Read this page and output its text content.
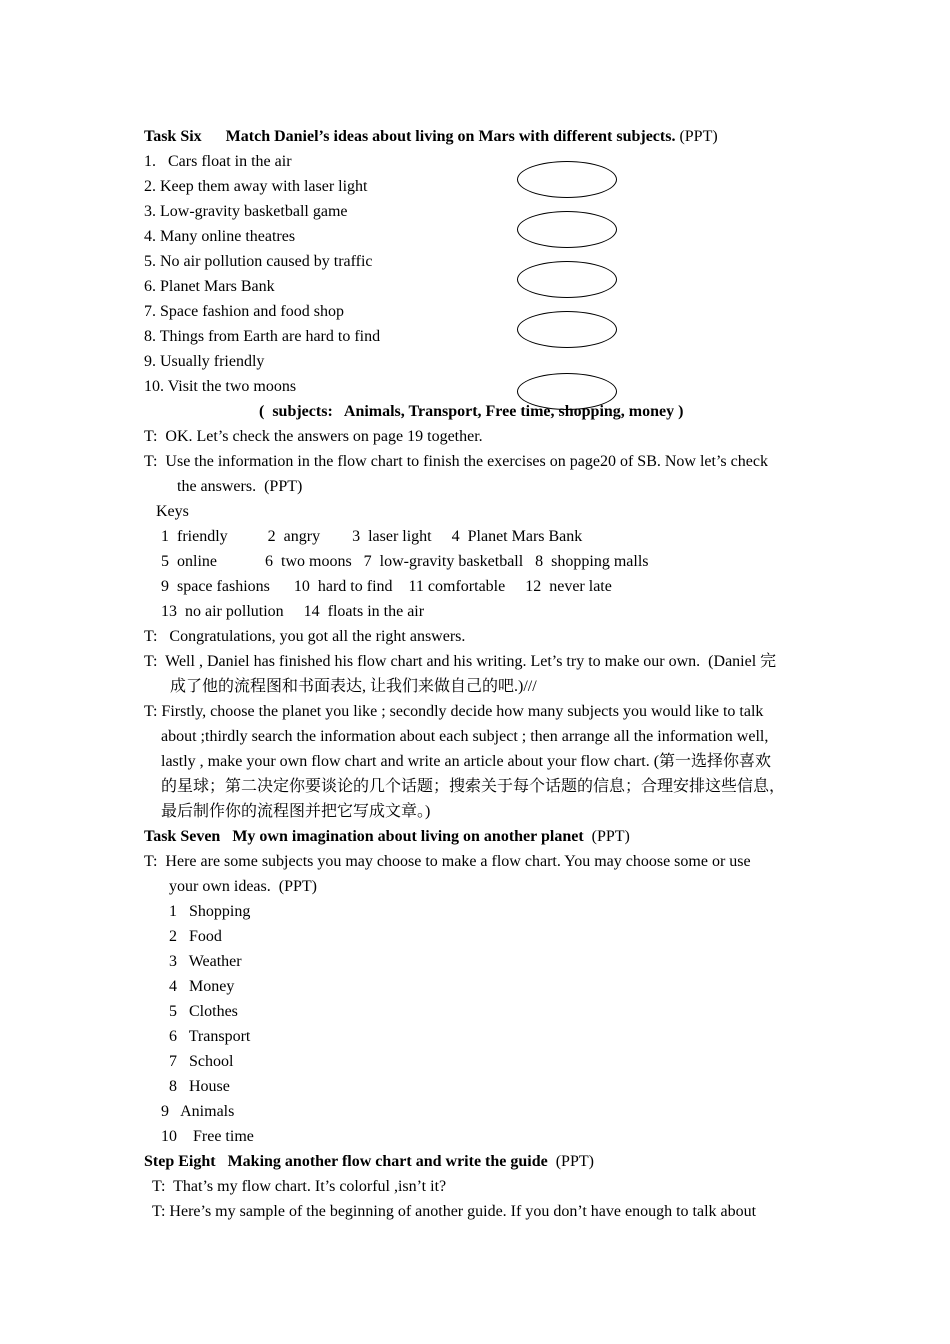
Task Six Match Daniel’s ideas about living on Mars with different subjects. (PPT)
1.   Cars float in the air
2. Keep them away with laser light
3. Low-gravity basketball game
4. Many online theatres
5. No air pollution caused by traffic
6. Planet Mars Bank
7. Space fashion and food shop
8. Things from Earth are hard to find
9. Usually friendly
10. Visit the two moons
(  subjects:   Animals, Transport, Free time, shopping, money )
T:  OK. Let’s check the answers on page 19 together.
T:  Use the information in the flow chart to finish the exercises on page20 of SB. Now let’s check
the answers.  (PPT)
Keys
1  friendly          2  angry        3  laser light     4  Planet Mars Bank
5  online            6  two moons   7  low-gravity basketball   8  shopping malls
9  space fashions      10  hard to find    11 comfortable     12  never late
13  no air pollution     14  floats in the air
T:   Congratulations, you got all the right answers.
T:  Well , Daniel has finished his flow chart and his writing. Let’s try to make our own.  (Daniel 完
成了他的流程图和书面表达, 让我们来做自己的吧.)///
T: Firstly, choose the planet you like ; secondly decide how many subjects you would like to talk
about ;thirdly search the information about each subject ; then arrange all the information well,
lastly , make your own flow chart and write an article about your flow chart. (第一选择你喜欢
的星球；第二决定你要谈论的几个话题；搜索关于每个话题的信息；合理安排这些信息，
最后制作你的流程图并把它写成文章。)
Task Seven My own imagination about living on another planet  (PPT)
T:  Here are some subjects you may choose to make a flow chart. You may choose some or use
your own ideas.  (PPT)
1   Shopping
2   Food
3   Weather
4   Money
5   Clothes
6   Transport
7   School
8   House
9   Animals
10    Free time
Step Eight Making another flow chart and write the guide  (PPT)
T:  That’s my flow chart. It’s colorful ,isn’t it?
T: Here’s my sample of the beginning of another guide. If you don’t have enough to talk about
